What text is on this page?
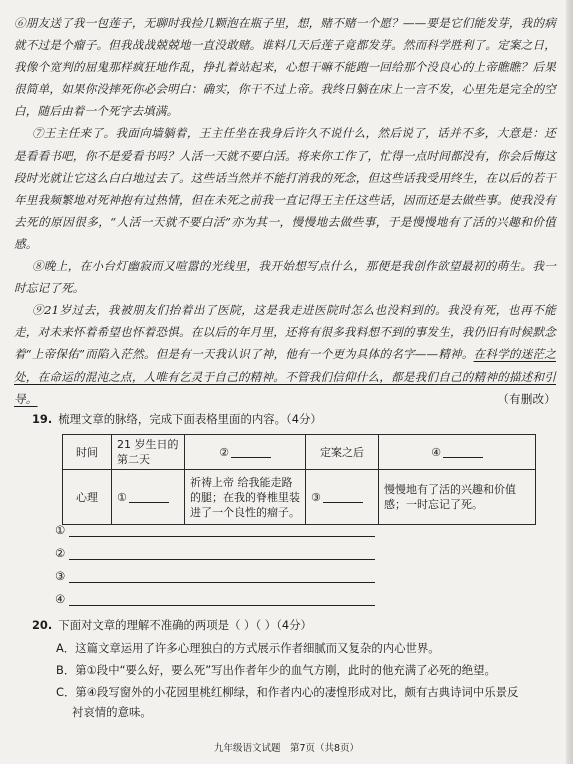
⑥朋友送了我一包莲子，无聊时我捡几颗泡在瓶子里，想，赌不赌一个愿？——要是它们能发芽，我的病就不过是个瘤子。但我战战兢兢地一直没敢赌。谁料几天后莲子竟都发芽。然而科学胜利了。定案之日，我像个宽判的屈鬼那样疯狂地作乱，挣扎着站起来，心想干嘛不能跑一回给那个没良心的上帝瞧瞧？后果很简单，如果你没摔死你必会明白：确实，你干不过上帝。我终日躺在床上一言不发，心里先是完全的空白，随后由着一个死字去填满。

⑦王主任来了。我面向墙躺着，王主任坐在我身后许久不说什么，然后说了，话并不多，大意是：还是看看书吧，你不是爱看书吗？人活一天就不要白活。将来你工作了，忙得一点时间都没有，你会后悔这段时光就让它这么白白地过去了。这些话当然并不能打消我的死念，但这些话我受用终生，在以后的若干年里我频繁地对死神抱有过热情，但在未死之前我一直记得王主任这些话，因而还是去做些事。使我没有去死的原因很多，“人活一天就不要白活”亦为其一，慢慢地去做些事，于是慢慢地有了活的兴趣和价值感。

⑧晚上，在小台灯幽寂而又喧嚣的光线里，我开始想写点什么，那便是我创作欲望最初的萌生。我一时忘记了死。

⑨21岁过去，我被朋友们抬着出了医院，这是我走进医院时怎么也没料到的。我没有死，也再不能走，对未来怀着希望也怀着恐惧。在以后的年月里，还将有很多我料想不到的事发生，我仍旧有时候默念着“上帝保佑”而陷入茫然。但是有一天我认识了神，他有一个更为具体的名字——精神。在科学的迷茫之处，在命运的混沌之点，人唯有乞灵于自己的精神。不管我们信仰什么，都是我们自己的精神的描述和引导。	（有删改）

19. 梳理文章的脉络，完成下面表格里面的内容。（4分）
时间	21 岁生日的第二天	②	定案之后	④
心理	①	祈祷上帝 给我能走路的腿；在我的脊椎里装进了一个良性的瘤子。	③	慢慢地有了活的兴趣和价值感；一时忘记了死。
①
②
③
④
20. 下面对文章的理解不准确的两项是（ ）（ ）（4分）
A．这篇文章运用了许多心理独白的方式展示作者细腻而又复杂的内心世界。
B．第①段中“要么好，要么死”写出作者年少的血气方刚，此时的他充满了必死的绝望。
C．第④段写窗外的小花园里桃红柳绿，和作者内心的凄惶形成对比，颇有古典诗词中乐景反
衬哀情的意味。
九年级语文试题　第7页（共8页）
